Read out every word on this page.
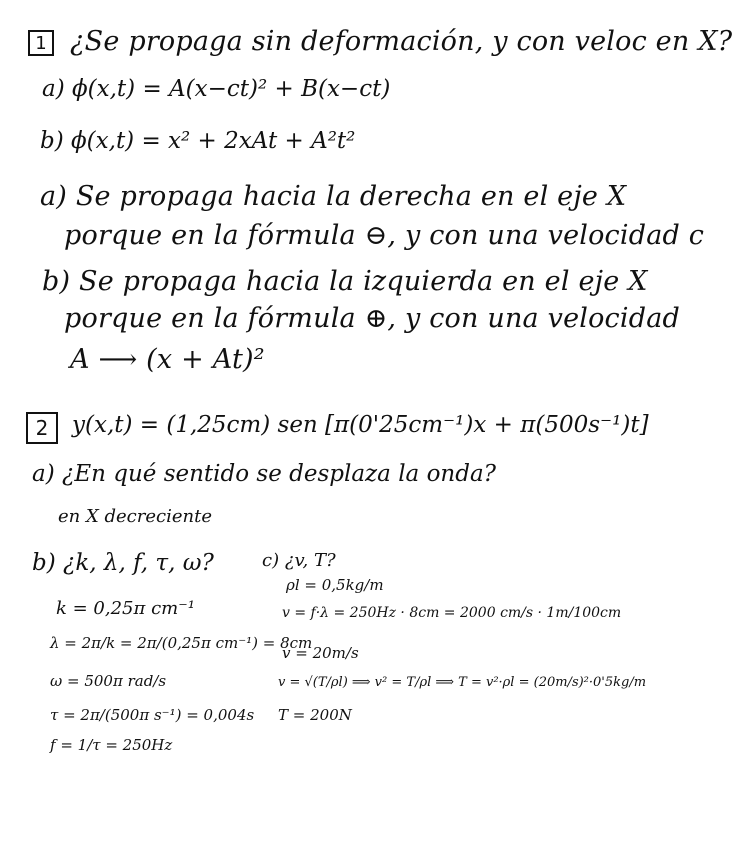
1 ¿Se propaga sin deformación, y con veloc en X?
a) ϕ(x,t) = A(x−ct)² + B(x−ct)
b) ϕ(x,t) = x² + 2xAt + A²t²
a) Se propaga hacia la derecha en el eje X
porque en la fórmula ⊖, y con una velocidad c
b) Se propaga hacia la izquierda en el eje X
porque en la fórmula ⊕, y con una velocidad
A ⟶ (x + At)²
2 y(x,t) = (1,25cm) sen [π(0'25cm⁻¹)x + π(500s⁻¹)t]
a) ¿En qué sentido se desplaza la onda?
en X decreciente
b) ¿k, λ, f, τ, ω?
k = 0,25π cm⁻¹
λ = 2π/k = 2π/(0,25π cm⁻¹) = 8cm
ω = 500π rad/s
τ = 2π/(500π s⁻¹) = 0,004s
f = 1/τ = 250Hz
c) ¿v, T?
ρl = 0,5kg/m
v = f·λ = 250Hz · 8cm = 2000 cm/s · 1m/100cm
v = 20m/s
v = √(T/ρl) ⟹ v² = T/ρl ⟹ T = v²·ρl = (20m/s)²·0'5kg/m
T = 200N
